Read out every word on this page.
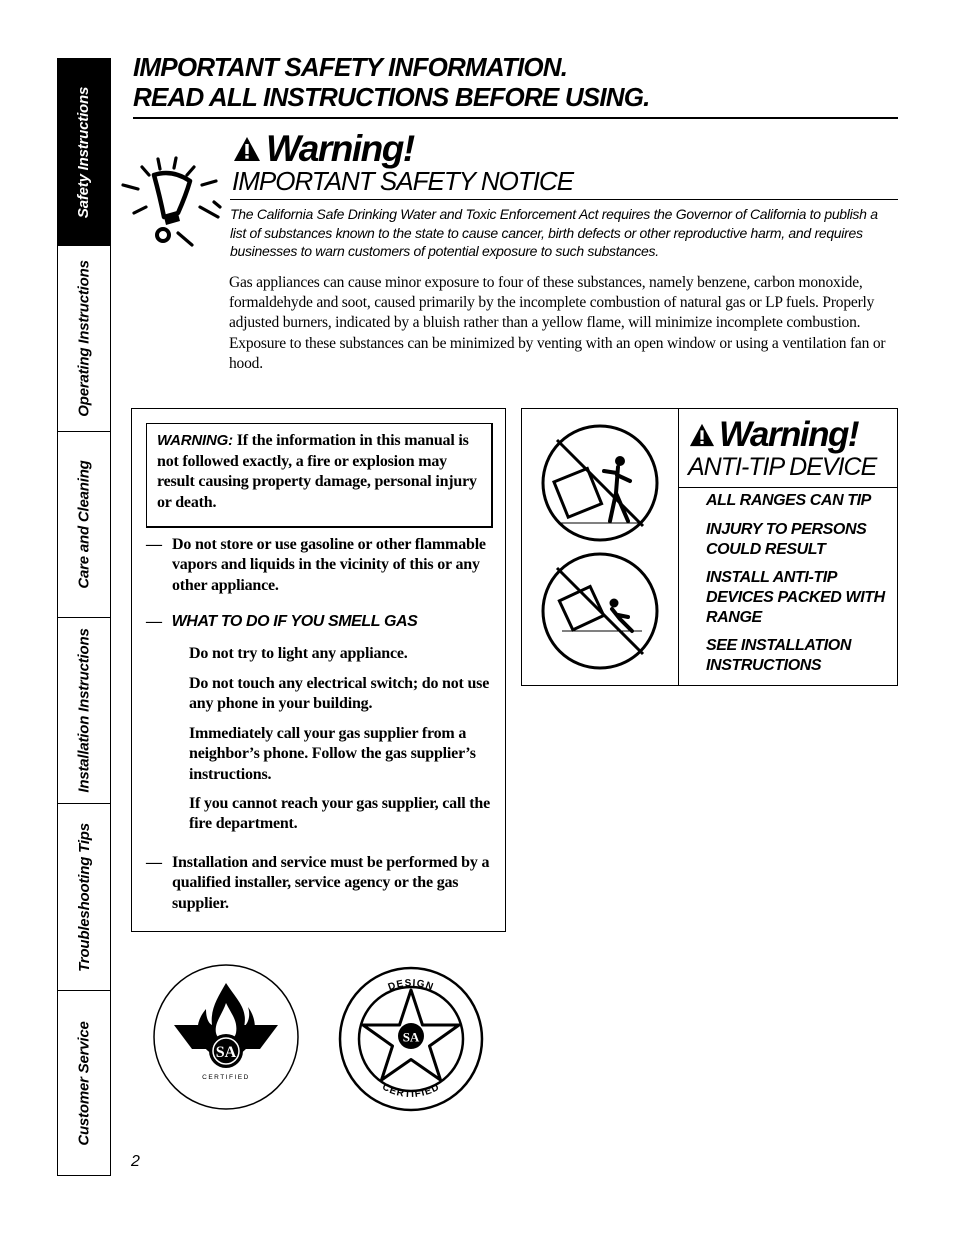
Safety Instructions
Operating Instructions
Care and Cleaning
Installation Instructions
Troubleshooting Tips
Customer Service
IMPORTANT SAFETY INFORMATION.
READ ALL INSTRUCTIONS BEFORE USING.
Warning!
IMPORTANT SAFETY NOTICE
The California Safe Drinking Water and Toxic Enforcement Act requires the Governor of California to publish a list of substances known to the state to cause cancer, birth defects or other reproductive harm, and requires businesses to warn customers of potential exposure to such substances.
Gas appliances can cause minor exposure to four of these substances, namely benzene, carbon monoxide, formaldehyde and soot, caused primarily by the incomplete combustion of natural gas or LP fuels. Properly adjusted burners, indicated by a bluish rather than a yellow flame, will minimize incomplete combustion. Exposure to these substances can be minimized by venting with an open window or using a ventilation fan or hood.
WARNING: If the information in this manual is not followed exactly, a fire or explosion may result causing property damage, personal injury or death.
— Do not store or use gasoline or other flammable vapors and liquids in the vicinity of this or any other appliance.
— WHAT TO DO IF YOU SMELL GAS
Do not try to light any appliance.
Do not touch any electrical switch; do not use any phone in your building.
Immediately call your gas supplier from a neighbor’s phone. Follow the gas supplier’s instructions.
If you cannot reach your gas supplier, call the fire department.
— Installation and service must be performed by a qualified installer, service agency or the gas supplier.
Warning!
ANTI-TIP DEVICE
ALL RANGES CAN TIP
INJURY TO PERSONS COULD RESULT
INSTALL ANTI-TIP DEVICES PACKED WITH RANGE
SEE INSTALLATION INSTRUCTIONS
SA
CERTIFIED
SA
DESIGN
CERTIFIED
2
